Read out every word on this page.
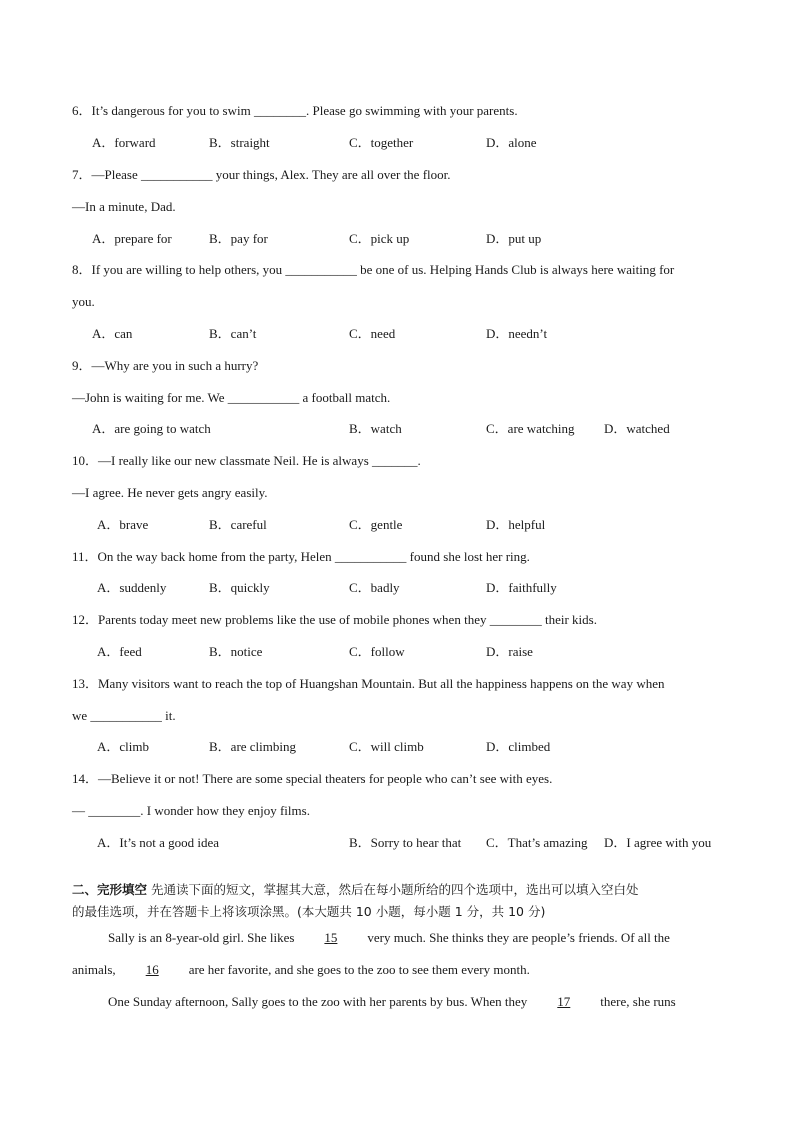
6．It’s dangerous for you to swim ________. Please go swimming with your parents.
A．forward	B．straight	C．together	D．alone
7．—Please ___________ your things, Alex. They are all over the floor.
—In a minute, Dad.
A．prepare for	B．pay for	C．pick up	D．put up
8．If you are willing to help others, you ___________ be one of us. Helping Hands Club is always here waiting for
you.
A．can	B．can’t	C．need	D．needn’t
9．—Why are you in such a hurry?
—John is waiting for me. We ___________ a football match.
A．are going to watch	B．watch	C．are watching D．watched
10．—I really like our new classmate Neil. He is always _______.
—I agree. He never gets angry easily.
A．brave	B．careful	C．gentle	D．helpful
11．On the way back home from the party, Helen ___________ found she lost her ring.
A．suddenly	B．quickly	C．badly	D．faithfully
12．Parents today meet new problems like the use of mobile phones when they ________ their kids.
A．feed	B．notice	C．follow	D．raise
13．Many visitors want to reach the top of Huangshan Mountain. But all the happiness happens on the way when
we ___________ it.
A．climb	B．are climbing	C．will climb	D．climbed
14．—Believe it or not! There are some special theaters for people who can’t see with eyes.
— ________. I wonder how they enjoy films.
A．It’s not a good idea	B．Sorry to hear that C．That’s amazing D．I agree with you
二、完形填空 先通读下面的短文，掌握其大意，然后在每小题所给的四个选项中，选出可以填入空白处
的最佳选项，并在答题卡上将该项涂黑。(本大题共 10 小题，每小题 1 分，共 10 分)
Sally is an 8-year-old girl. She likes  15  very much. She thinks they are people’s friends. Of all the
animals,  16  are her favorite, and she goes to the zoo to see them every month.
One Sunday afternoon, Sally goes to the zoo with her parents by bus. When they  17  there, she runs
